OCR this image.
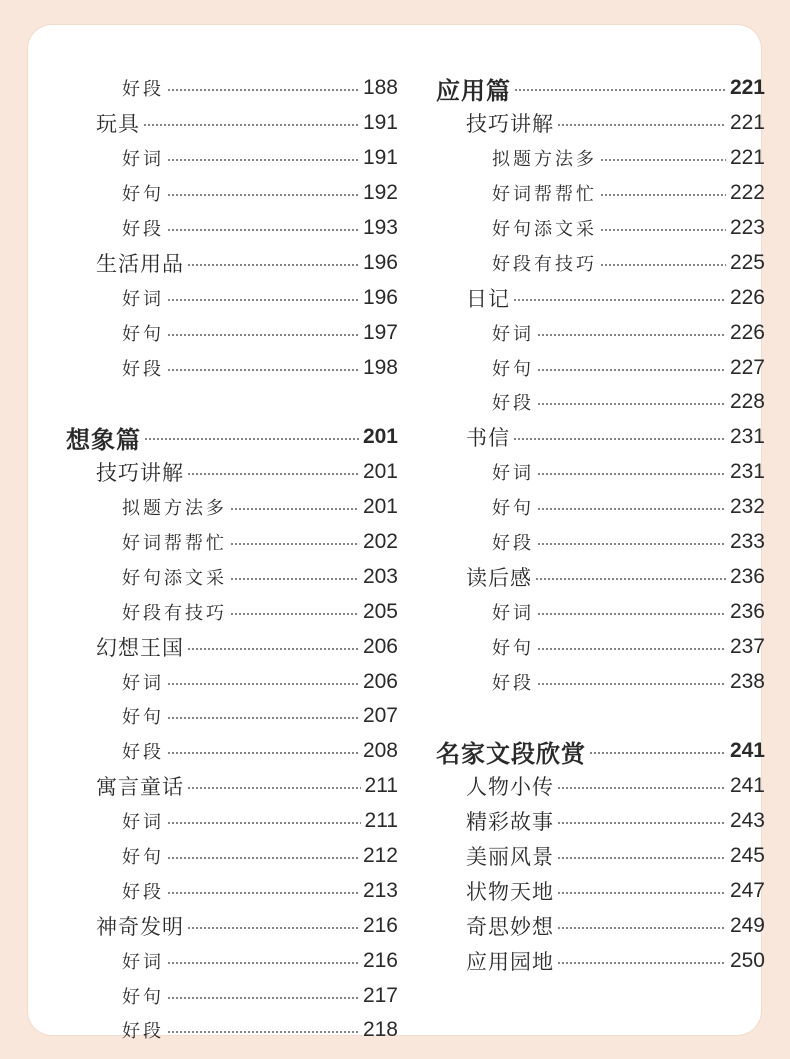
好段	188
玩具	191
好词	191
好句	192
好段	193
生活用品	196
好词	196
好句	197
好段	198
想象篇	201
技巧讲解	201
拟题方法多	201
好词帮帮忙	202
好句添文采	203
好段有技巧	205
幻想王国	206
好词	206
好句	207
好段	208
寓言童话	211
好词	211
好句	212
好段	213
神奇发明	216
好词	216
好句	217
好段	218
应用篇	221
技巧讲解	221
拟题方法多	221
好词帮帮忙	222
好句添文采	223
好段有技巧	225
日记	226
好词	226
好句	227
好段	228
书信	231
好词	231
好句	232
好段	233
读后感	236
好词	236
好句	237
好段	238
名家文段欣赏	241
人物小传	241
精彩故事	243
美丽风景	245
状物天地	247
奇思妙想	249
应用园地	250
